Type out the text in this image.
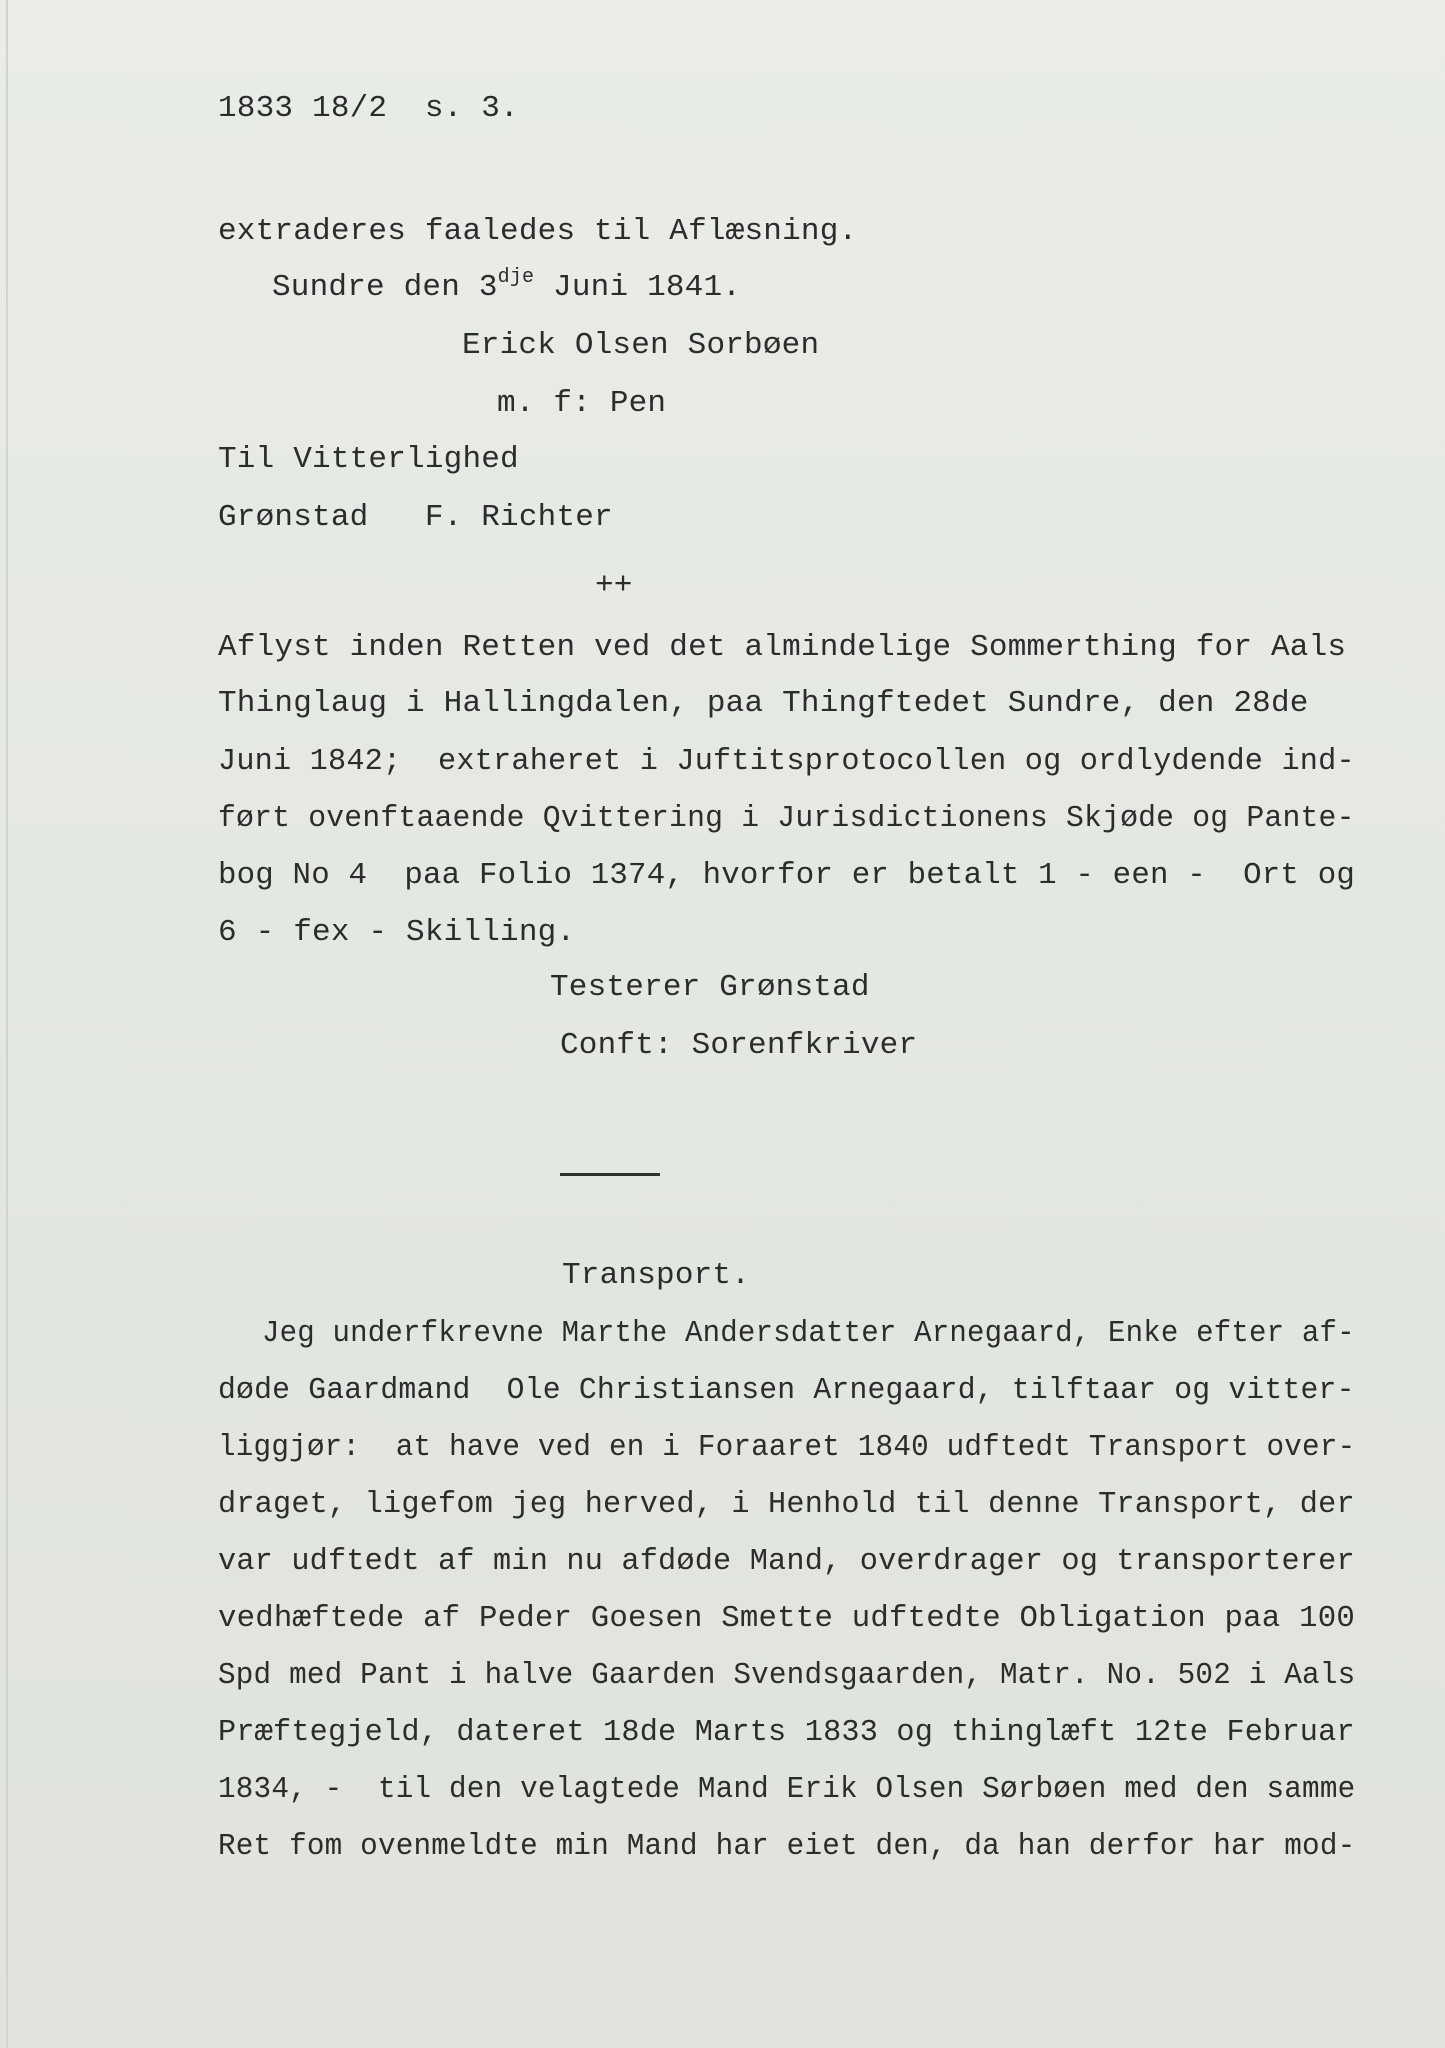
1833 18/2  s. 3.
extraderes faaledes til Aflæsning.
Sundre den $3^{dje}$ Juni 1841.
Erick Olsen Sorbøen
m. f: Pen
Til Vitterlighed
Grønstad   F. Richter
++
Aflyst inden Retten ved det almindelige Sommerthing for Aals
Thinglaug i Hallingdalen, paa Thingftedet Sundre, den 28de
Juni 1842;  extraheret i Juftitsprotocollen og ordlydende ind-
ført ovenftaaende Qvittering i Jurisdictionens Skjøde og Pante-
bog No 4  paa Folio 1374, hvorfor er betalt 1 - een -  Ort og
6 - fex - Skilling.
Testerer Grønstad
Conft: Sorenfkriver
Transport.
Jeg underfkrevne Marthe Andersdatter Arnegaard, Enke efter af-
døde Gaardmand  Ole Christiansen Arnegaard, tilftaar og vitter-
liggjør:  at have ved en i Foraaret 1840 udftedt Transport over-
draget, ligefom jeg herved, i Henhold til denne Transport, der
var udftedt af min nu afdøde Mand, overdrager og transporterer
vedhæftede af Peder Goesen Smette udftedte Obligation paa 100
Spd med Pant i halve Gaarden Svendsgaarden, Matr. No. 502 i Aals
Præftegjeld, dateret 18de Marts 1833 og thinglæft 12te Februar
1834, -  til den velagtede Mand Erik Olsen Sørbøen med den samme
Ret fom ovenmeldte min Mand har eiet den, da han derfor har mod-
